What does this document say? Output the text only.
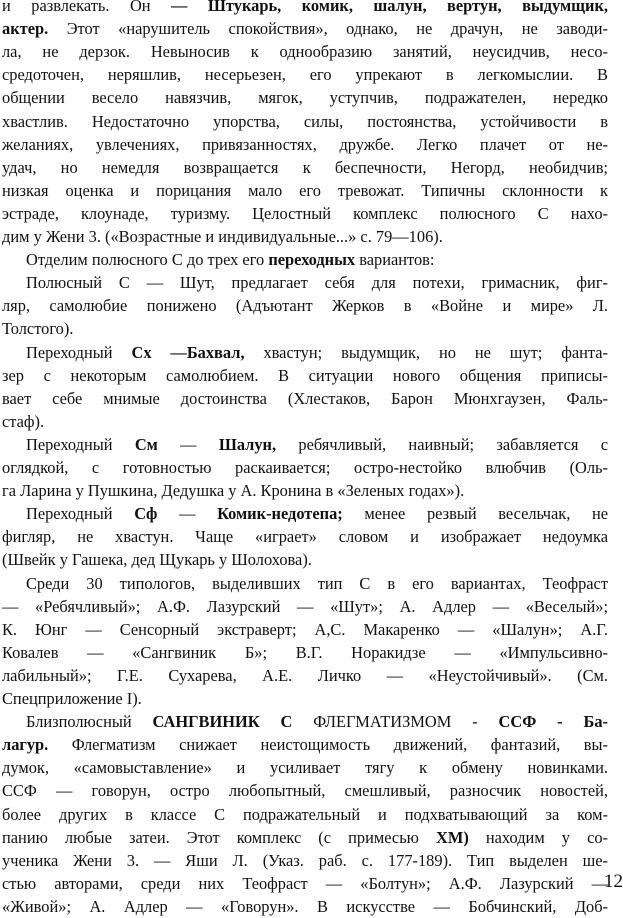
и развлекать. Он — Штукарь, комик, шалун, вертун, выдумщик,
актер. Этот «нарушитель спокойствия», однако, не драчун, не заводи-
ла, не дерзок. Невыносив к однообразию занятий, неусидчив, несо-
средоточен, неряшлив, несерьезен, его упрекают в легкомыслии. В
общении весело навязчив, мягок, уступчив, подражателен, нередко
хвастлив. Недостаточно упорства, силы, постоянства, устойчивости в
желаниях, увлечениях, привязанностях, дружбе. Легко плачет от не-
удач, но немедля возвращается к беспечности, Негорд, необидчив;
низкая оценка и порицания мало его тревожат. Типичны склонности к
эстраде, клоунаде, туризму. Целостный комплекс полюсного С нахо-
дим у Жени 3. («Возрастные и индивидуальные...» с. 79—106).
Отделим полюсного С до трех его переходных вариантов:
Полюсный С — Шут, предлагает себя для потехи, гримасник, фиг-
ляр, самолюбие понижено (Адъютант Жерков в «Войне и мире» Л.
Толстого).
Переходный Сх —Бахвал, хвастун; выдумщик, но не шут; фанта-
зер с некоторым самолюбием. В ситуации нового общения приписы-
вает себе мнимые достоинства (Хлестаков, Барон Мюнхгаузен, Фаль-
стаф).
Переходный См — Шалун, ребячливый, наивный; забавляется с
оглядкой, с готовностью раскаивается; остро-нестойко влюбчив (Оль-
га Ларина у Пушкина, Дедушка у А. Кронина в «Зеленых годах»).
Переходный Сф — Комик-недотепа; менее резвый весельчак, не
фигляр, не хвастун. Чаще «играет» словом и изображает недоумка
(Швейк у Гашека, дед Щукарь у Шолохова).
Среди 30 типологов, выделивших тип С в его вариантах, Теофраст
— «Ребячливый»; А.Ф. Лазурский — «Шут»; А. Адлер — «Веселый»;
К. Юнг — Сенсорный экстраверт; А,С. Макаренко — «Шалун»; А.Г.
Ковалев — «Сангвиник Б»; В.Г. Норакидзе — «Импульсивно-
лабильный»; Г.Е. Сухарева, А.Е. Личко — «Неустойчивый». (См.
Спецприложение I).
Близполюсный САНГВИНИК С ФЛЕГМАТИЗМОМ - ССФ - Ба-
лагур. Флегматизм снижает неистощимость движений, фантазий, вы-
думок, «самовыставление» и усиливает тягу к обмену новинками.
ССФ — говорун, остро любопытный, смешливый, разносчик новостей,
более других в классе С подражательный и подхватывающий за ком-
панию любые затеи. Этот комплекс (с примесью ХМ) находим у со-
ученика Жени 3. — Яши Л. (Указ. раб. с. 177-189). Тип выделен ше-
стью авторами, среди них Теофраст — «Болтун»; А.Ф. Лазурский —
«Живой»; А. Адлер — «Говорун». В искусстве — Бобчинский, Доб-
12
